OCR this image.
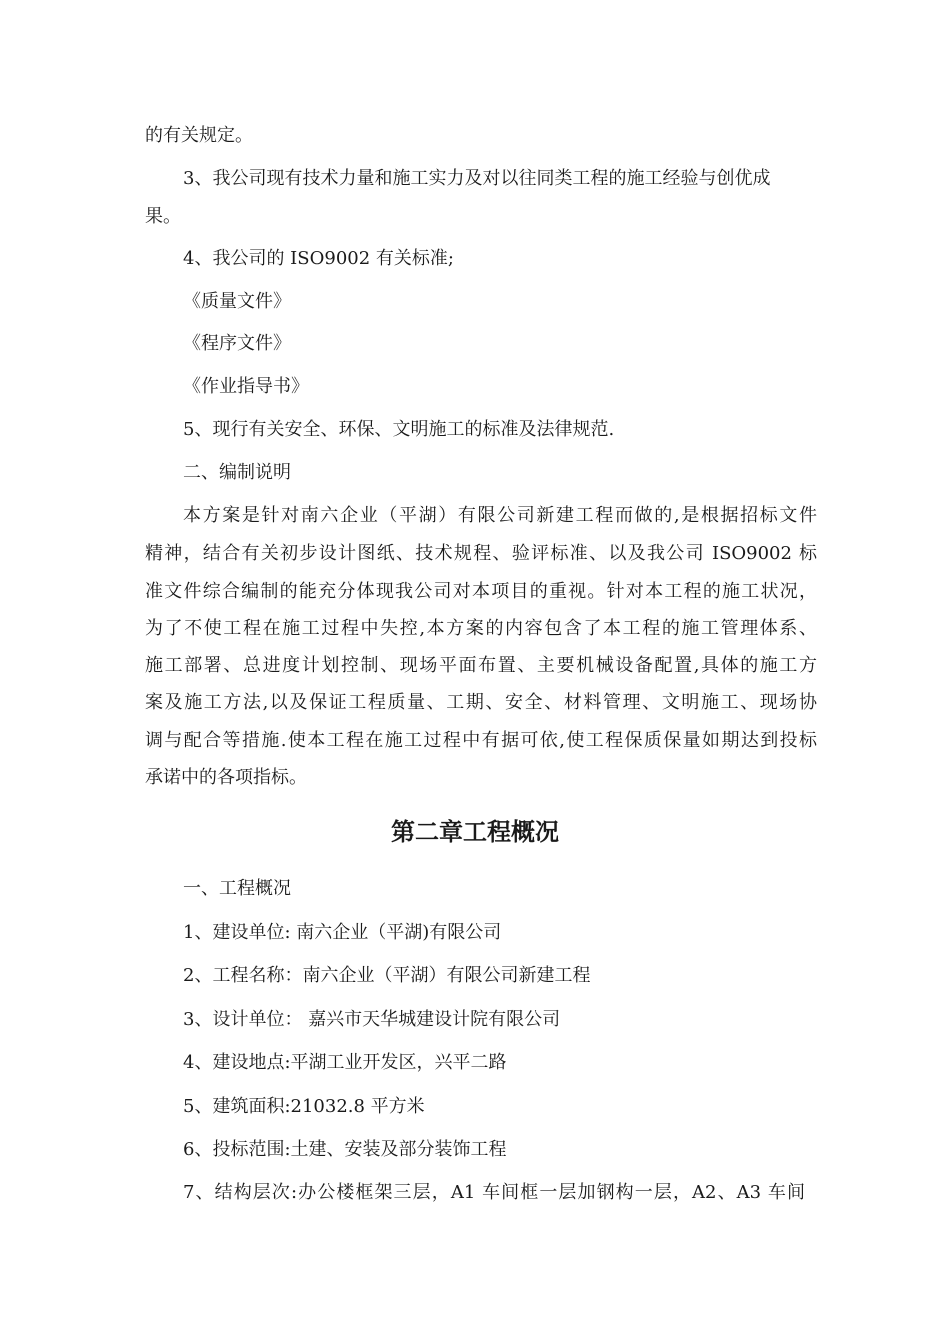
的有关规定。
3、我公司现有技术力量和施工实力及对以往同类工程的施工经验与创优成
果。
4、我公司的 ISO9002 有关标准;
《质量文件》
《程序文件》
《作业指导书》
5、现行有关安全、环保、文明施工的标准及法律规范.
二、编制说明
本方案是针对南六企业（平湖）有限公司新建工程而做的,是根据招标文件
精神，结合有关初步设计图纸、技术规程、验评标准、以及我公司 ISO9002 标
准文件综合编制的能充分体现我公司对本项目的重视。针对本工程的施工状况，
为了不使工程在施工过程中失控,本方案的内容包含了本工程的施工管理体系、
施工部署、总进度计划控制、现场平面布置、主要机械设备配置,具体的施工方
案及施工方法,以及保证工程质量、工期、安全、材料管理、文明施工、现场协
调与配合等措施.使本工程在施工过程中有据可依,使工程保质保量如期达到投标
承诺中的各项指标。
第二章工程概况
一、工程概况
1、建设单位: 南六企业（平湖)有限公司
2、工程名称：南六企业（平湖）有限公司新建工程
3、设计单位： 嘉兴市天华城建设计院有限公司
4、建设地点:平湖工业开发区，兴平二路
5、建筑面积:21032.8 平方米
6、投标范围:土建、安装及部分装饰工程
7、结构层次:办公楼框架三层，A1 车间框一层加钢构一层，A2、A3 车间
